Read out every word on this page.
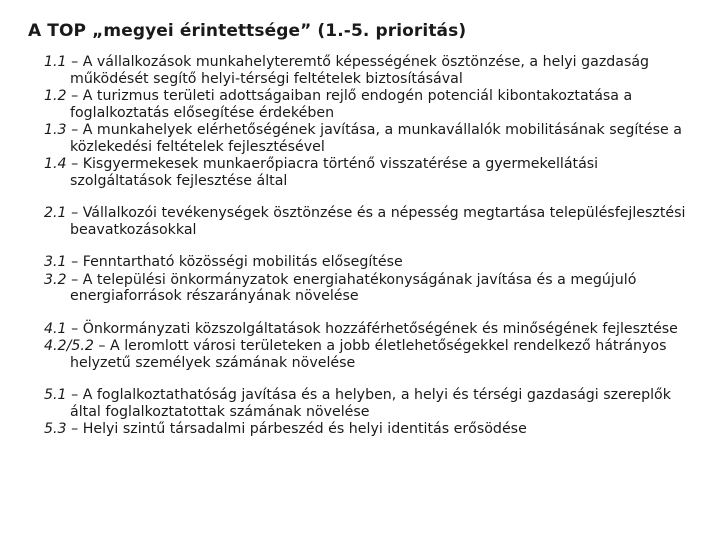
A TOP „megyei érintettsége” (1.-5. prioritás)
1.1 – A vállalkozások munkahelyteremtő képességének ösztönzése, a helyi gazdaság működését segítő helyi-térségi feltételek biztosításával
1.2 – A turizmus területi adottságaiban rejlő endogén potenciál kibontakoztatása a foglalkoztatás elősegítése érdekében
1.3 – A munkahelyek elérhetőségének javítása, a munkavállalók mobilitásának segítése a közlekedési feltételek fejlesztésével
1.4 – Kisgyermekesek munkaerőpiacra történő visszatérése a gyermekellátási szolgáltatások fejlesztése által
2.1 – Vállalkozói tevékenységek ösztönzése és a népesség megtartása településfejlesztési beavatkozásokkal
3.1 – Fenntartható közösségi mobilitás elősegítése
3.2 – A települési önkormányzatok energiahatékonyságának javítása és a megújuló energiaforrások részarányának növelése
4.1 – Önkormányzati közszolgáltatások hozzáférhetőségének és minőségének fejlesztése
4.2/5.2 – A leromlott városi területeken a jobb életlehetőségekkel rendelkező hátrányos helyzetű személyek számának növelése
5.1 – A foglalkoztathatóság javítása és a helyben, a helyi és térségi gazdasági szereplők által foglalkoztatottak számának növelése
5.3 – Helyi szintű társadalmi párbeszéd és helyi identitás erősödése
